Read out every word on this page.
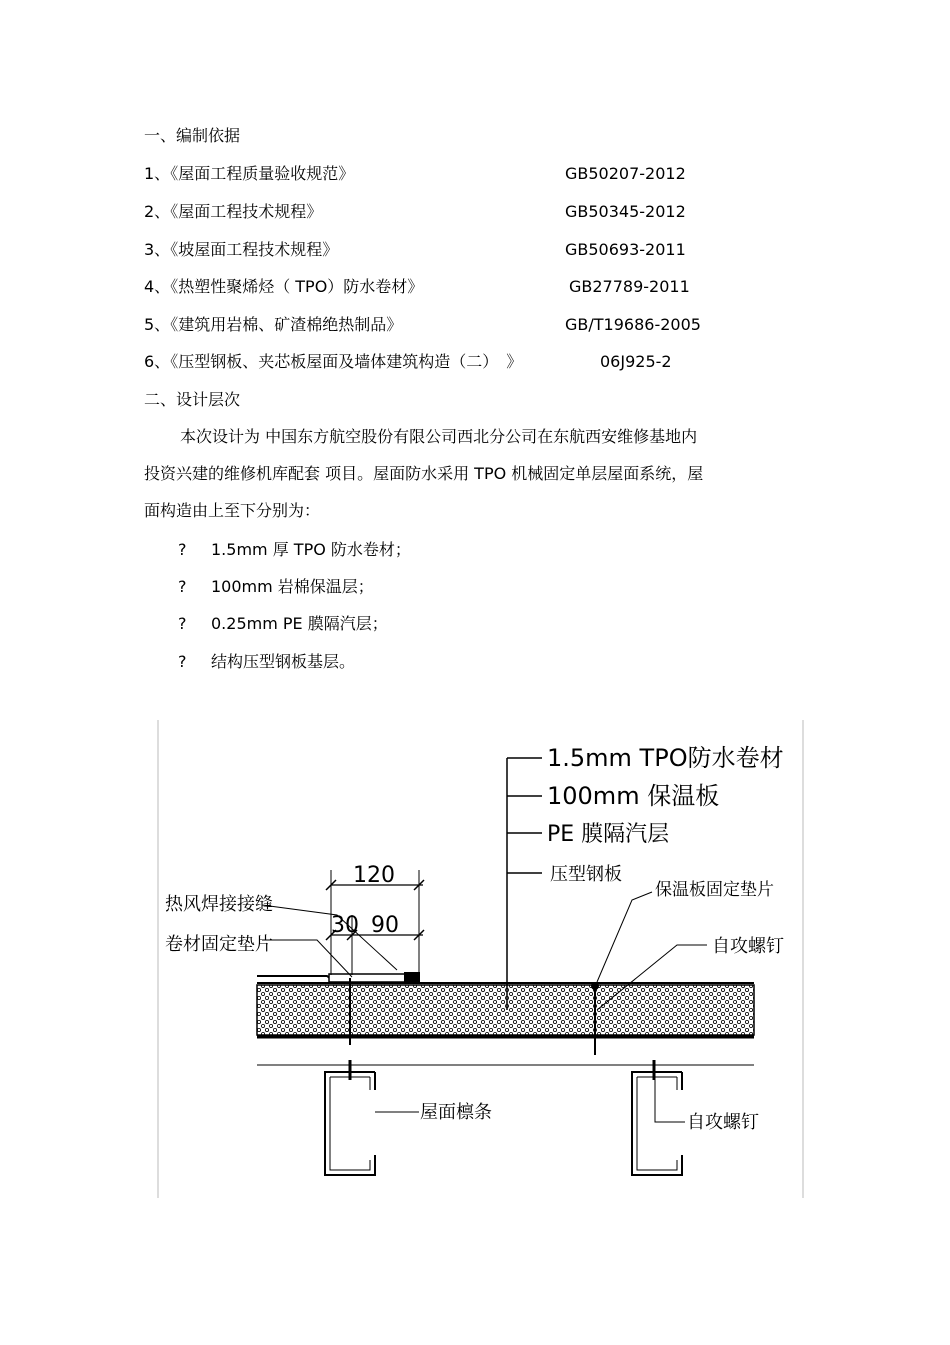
一、编制依据
1、《屋面工程质量验收规范》	GB50207-2012
2、《屋面工程技术规程》	GB50345-2012
3、《坡屋面工程技术规程》	GB50693-2011
4、《热塑性聚烯烃（ TPO）防水卷材》	GB27789-2011
5、《建筑用岩棉、矿渣棉绝热制品》	GB/T19686-2005
6、《压型钢板、夹芯板屋面及墙体建筑构造（二）　》	06J925-2
二、设计层次
本次设计为 中国东方航空股份有限公司西北分公司在东航西安维修基地内
投资兴建的维修机库配套 项目。屋面防水采用 TPO 机械固定单层屋面系统，屋
面构造由上至下分别为：
? 1.5mm 厚 TPO 防水卷材；
? 100mm 岩棉保温层；
? 0.25mm PE 膜隔汽层；
? 结构压型钢板基层。
1.5mm TPO防水卷材
100mm 保温板
PE 膜隔汽层
压型钢板
120
30 90
热风焊接接缝
卷材固定垫片
保温板固定垫片
自攻螺钉
屋面檩条	自攻螺钉
